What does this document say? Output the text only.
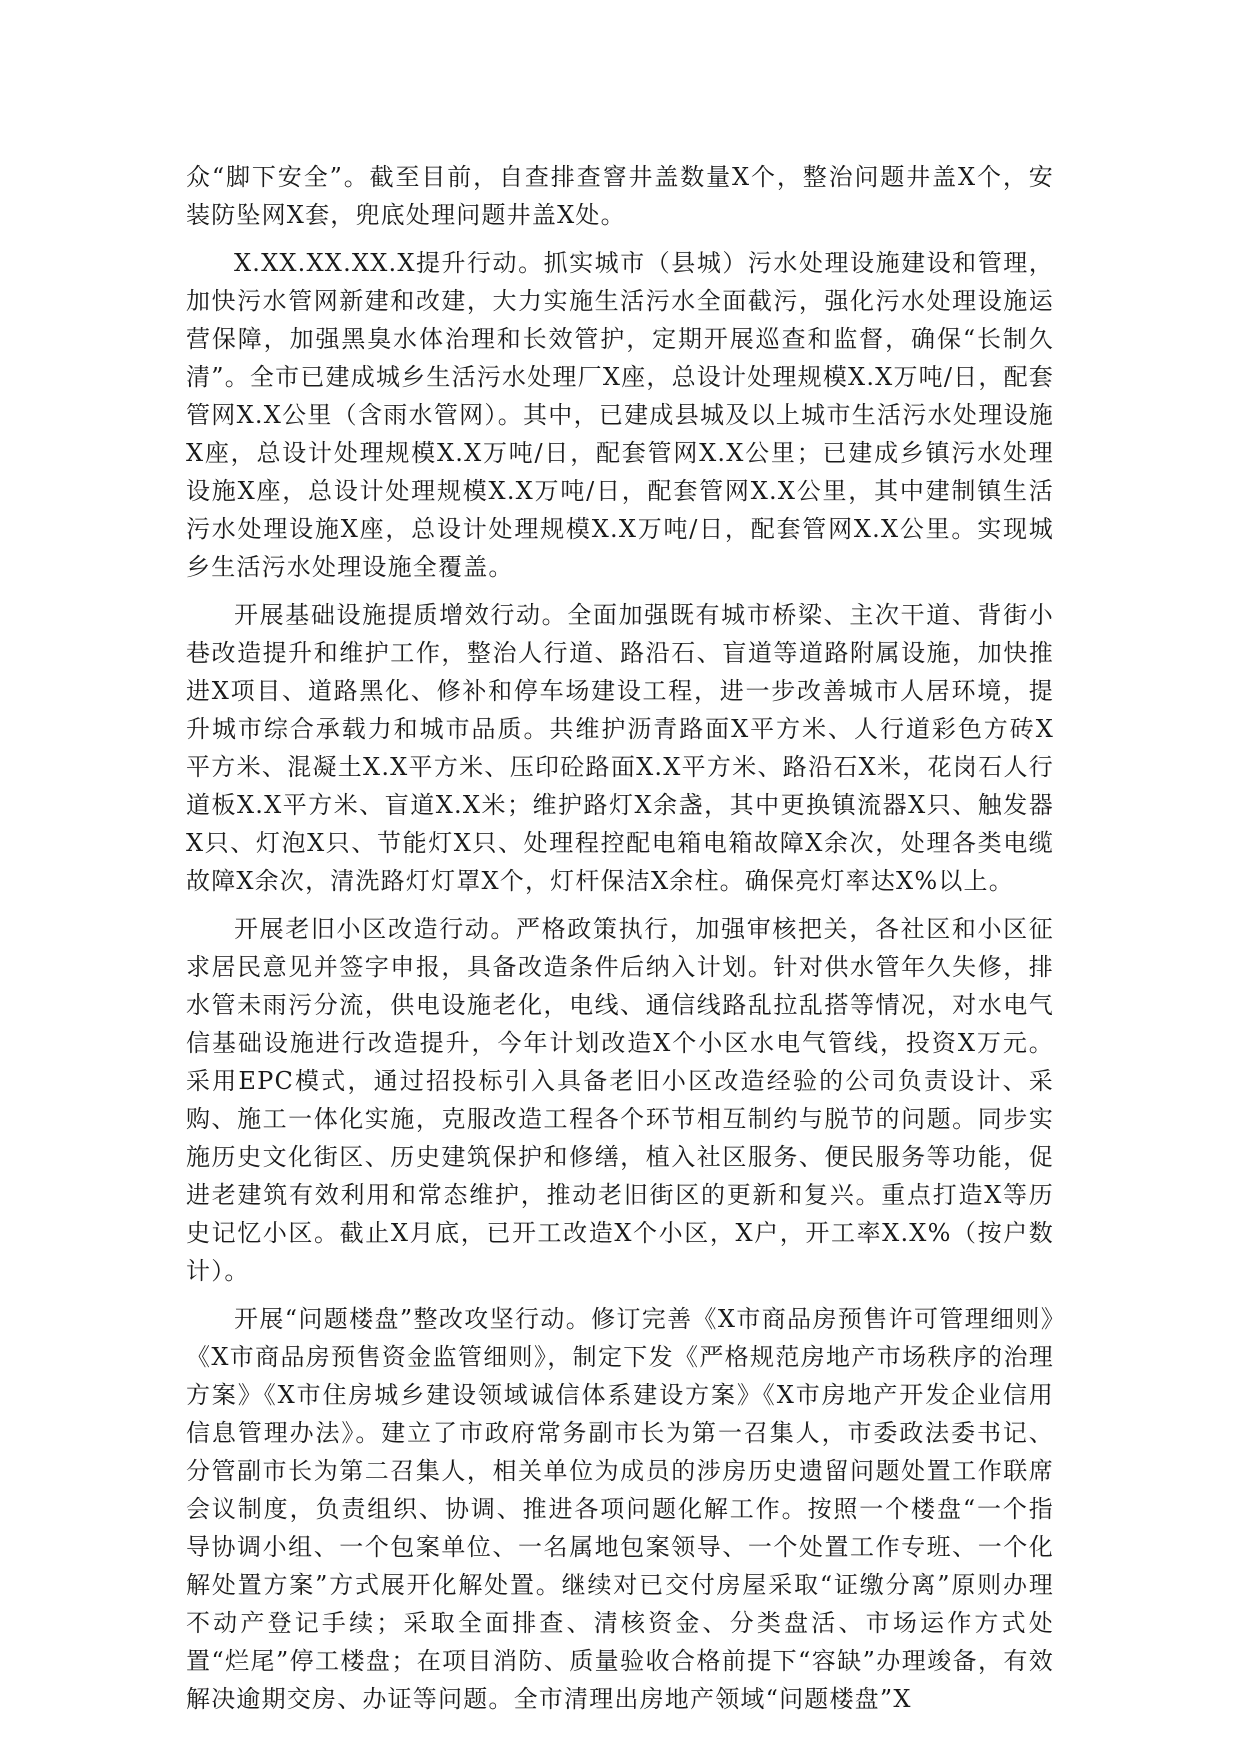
众“脚下安全”。截至目前，自查排查窨井盖数量X个，整治问题井盖X个，安装防坠网X套，兜底处理问题井盖X处。

X.XX.XX.XX.X提升行动。抓实城市（县城）污水处理设施建设和管理，加快污水管网新建和改建，大力实施生活污水全面截污，强化污水处理设施运营保障，加强黑臭水体治理和长效管护，定期开展巡查和监督，确保“长制久清”。全市已建成城乡生活污水处理厂X座，总设计处理规模X.X万吨/日，配套管网X.X公里（含雨水管网）。其中，已建成县城及以上城市生活污水处理设施X座，总设计处理规模X.X万吨/日，配套管网X.X公里；已建成乡镇污水处理设施X座，总设计处理规模X.X万吨/日，配套管网X.X公里，其中建制镇生活污水处理设施X座，总设计处理规模X.X万吨/日，配套管网X.X公里。实现城乡生活污水处理设施全覆盖。

开展基础设施提质增效行动。全面加强既有城市桥梁、主次干道、背街小巷改造提升和维护工作，整治人行道、路沿石、盲道等道路附属设施，加快推进X项目、道路黑化、修补和停车场建设工程，进一步改善城市人居环境，提升城市综合承载力和城市品质。共维护沥青路面X平方米、人行道彩色方砖X平方米、混凝土X.X平方米、压印砼路面X.X平方米、路沿石X米，花岗石人行道板X.X平方米、盲道X.X米；维护路灯X余盏，其中更换镇流器X只、触发器X只、灯泡X只、节能灯X只、处理程控配电箱电箱故障X余次，处理各类电缆故障X余次，清洗路灯灯罩X个，灯杆保洁X余柱。确保亮灯率达X%以上。

开展老旧小区改造行动。严格政策执行，加强审核把关，各社区和小区征求居民意见并签字申报，具备改造条件后纳入计划。针对供水管年久失修，排水管未雨污分流，供电设施老化，电线、通信线路乱拉乱搭等情况，对水电气信基础设施进行改造提升，今年计划改造X个小区水电气管线，投资X万元。采用EPC模式，通过招投标引入具备老旧小区改造经验的公司负责设计、采购、施工一体化实施，克服改造工程各个环节相互制约与脱节的问题。同步实施历史文化街区、历史建筑保护和修缮，植入社区服务、便民服务等功能，促进老建筑有效利用和常态维护，推动老旧街区的更新和复兴。重点打造X等历史记忆小区。截止X月底，已开工改造X个小区，X户，开工率X.X%（按户数计）。

开展“问题楼盘”整改攻坚行动。修订完善《X市商品房预售许可管理细则》《X市商品房预售资金监管细则》，制定下发《严格规范房地产市场秩序的治理方案》《X市住房城乡建设领域诚信体系建设方案》《X市房地产开发企业信用信息管理办法》。建立了市政府常务副市长为第一召集人，市委政法委书记、分管副市长为第二召集人，相关单位为成员的涉房历史遗留问题处置工作联席会议制度，负责组织、协调、推进各项问题化解工作。按照一个楼盘“一个指导协调小组、一个包案单位、一名属地包案领导、一个处置工作专班、一个化解处置方案”方式展开化解处置。继续对已交付房屋采取“证缴分离”原则办理不动产登记手续；采取全面排查、清核资金、分类盘活、市场运作方式处置“烂尾”停工楼盘；在项目消防、质量验收合格前提下“容缺”办理竣备，有效解决逾期交房、办证等问题。全市清理出房地产领域“问题楼盘”X
